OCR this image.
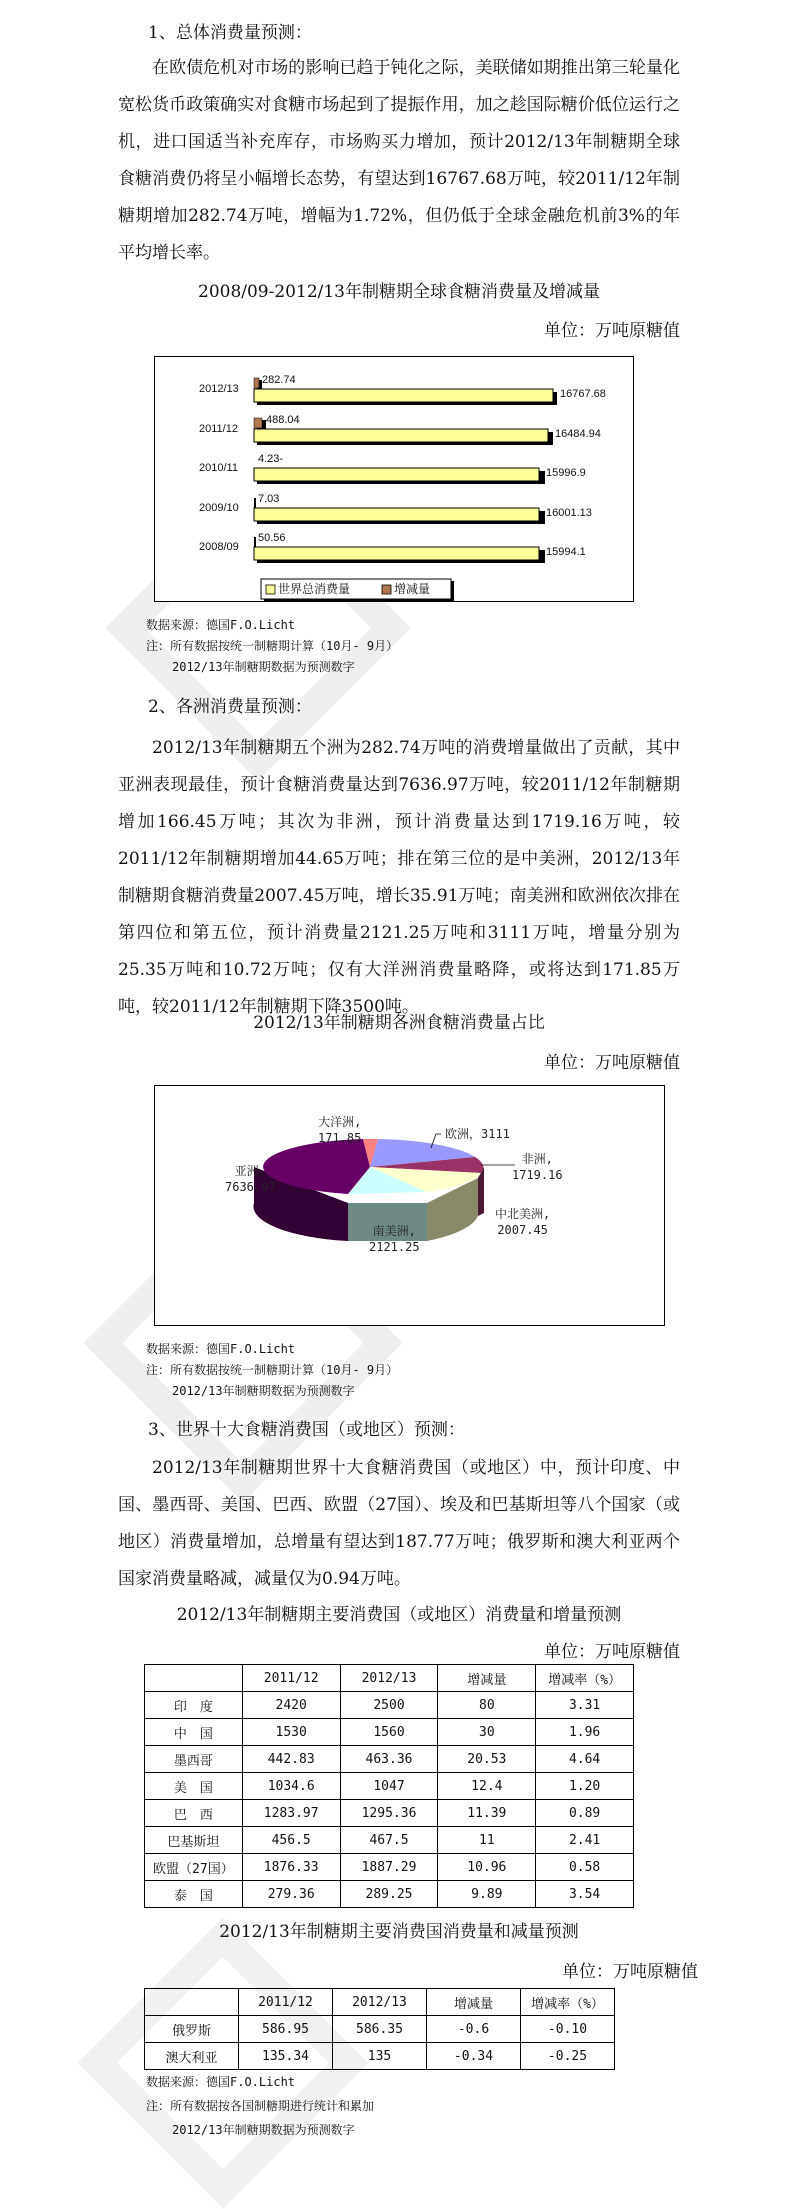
1、总体消费量预测：
在欧债危机对市场的影响已趋于钝化之际，美联储如期推出第三轮量化宽松货币政策确实对食糖市场起到了提振作用，加之趁国际糖价低位运行之机，进口国适当补充库存，市场购买力增加，预计2012/13年制糖期全球食糖消费仍将呈小幅增长态势，有望达到16767.68万吨，较2011/12年制糖期增加282.74万吨，增幅为1.72%，但仍低于全球金融危机前3%的年平均增长率。
2008/09-2012/13年制糖期全球食糖消费量及增减量
单位：万吨原糖值
2012/13
2011/12
2010/11
2009/10
2008/09
282.74
488.04
4.23-
7.03
50.56
16767.68
16484.94
15996.9
16001.13
15994.1
世界总消费量	增减量
数据来源：德国F.O.Licht
注：所有数据按统一制糖期计算（10月- 9月）
2012/13年制糖期数据为预测数字
2、各洲消费量预测：
2012/13年制糖期五个洲为282.74万吨的消费增量做出了贡献，其中亚洲表现最佳，预计食糖消费量达到7636.97万吨，较2011/12年制糖期增加166.45万吨；其次为非洲，预计消费量达到1719.16万吨，较2011/12年制糖期增加44.65万吨；排在第三位的是中美洲，2012/13年制糖期食糖消费量2007.45万吨，增长35.91万吨；南美洲和欧洲依次排在第四位和第五位，预计消费量2121.25万吨和3111万吨，增量分别为25.35万吨和10.72万吨；仅有大洋洲消费量略降，或将达到171.85万吨，较2011/12年制糖期下降3500吨。
2012/13年制糖期各洲食糖消费量占比
单位：万吨原糖值
大洋洲,
171.85	欧洲，3111
非洲,
1719.16
中北美洲,
2007.45
南美洲,
2121.25
亚洲,
7636.97
数据来源：德国F.O.Licht
注：所有数据按统一制糖期计算（10月- 9月）
2012/13年制糖期数据为预测数字
3、世界十大食糖消费国（或地区）预测：
2012/13年制糖期世界十大食糖消费国（或地区）中，预计印度、中国、墨西哥、美国、巴西、欧盟（27国）、埃及和巴基斯坦等八个国家（或地区）消费量增加，总增量有望达到187.77万吨；俄罗斯和澳大利亚两个国家消费量略减，减量仅为0.94万吨。
2012/13年制糖期主要消费国（或地区）消费量和增量预测
单位：万吨原糖值
	2011/12	2012/13	增减量	增减率（%）
印　度	2420	2500	80	3.31
中　国	1530	1560	30	1.96
墨西哥	442.83	463.36	20.53	4.64
美　国	1034.6	1047	12.4	1.20
巴　西	1283.97	1295.36	11.39	0.89
巴基斯坦	456.5	467.5	11	2.41
欧盟（27国）	1876.33	1887.29	10.96	0.58
泰　国	279.36	289.25	9.89	3.54
2012/13年制糖期主要消费国消费量和减量预测
单位：万吨原糖值
	2011/12	2012/13	增减量	增减率（%）
俄罗斯	586.95	586.35	-0.6	-0.10
澳大利亚	135.34	135	-0.34	-0.25
数据来源：德国F.O.Licht
注：所有数据按各国制糖期进行统计和累加
2012/13年制糖期数据为预测数字
